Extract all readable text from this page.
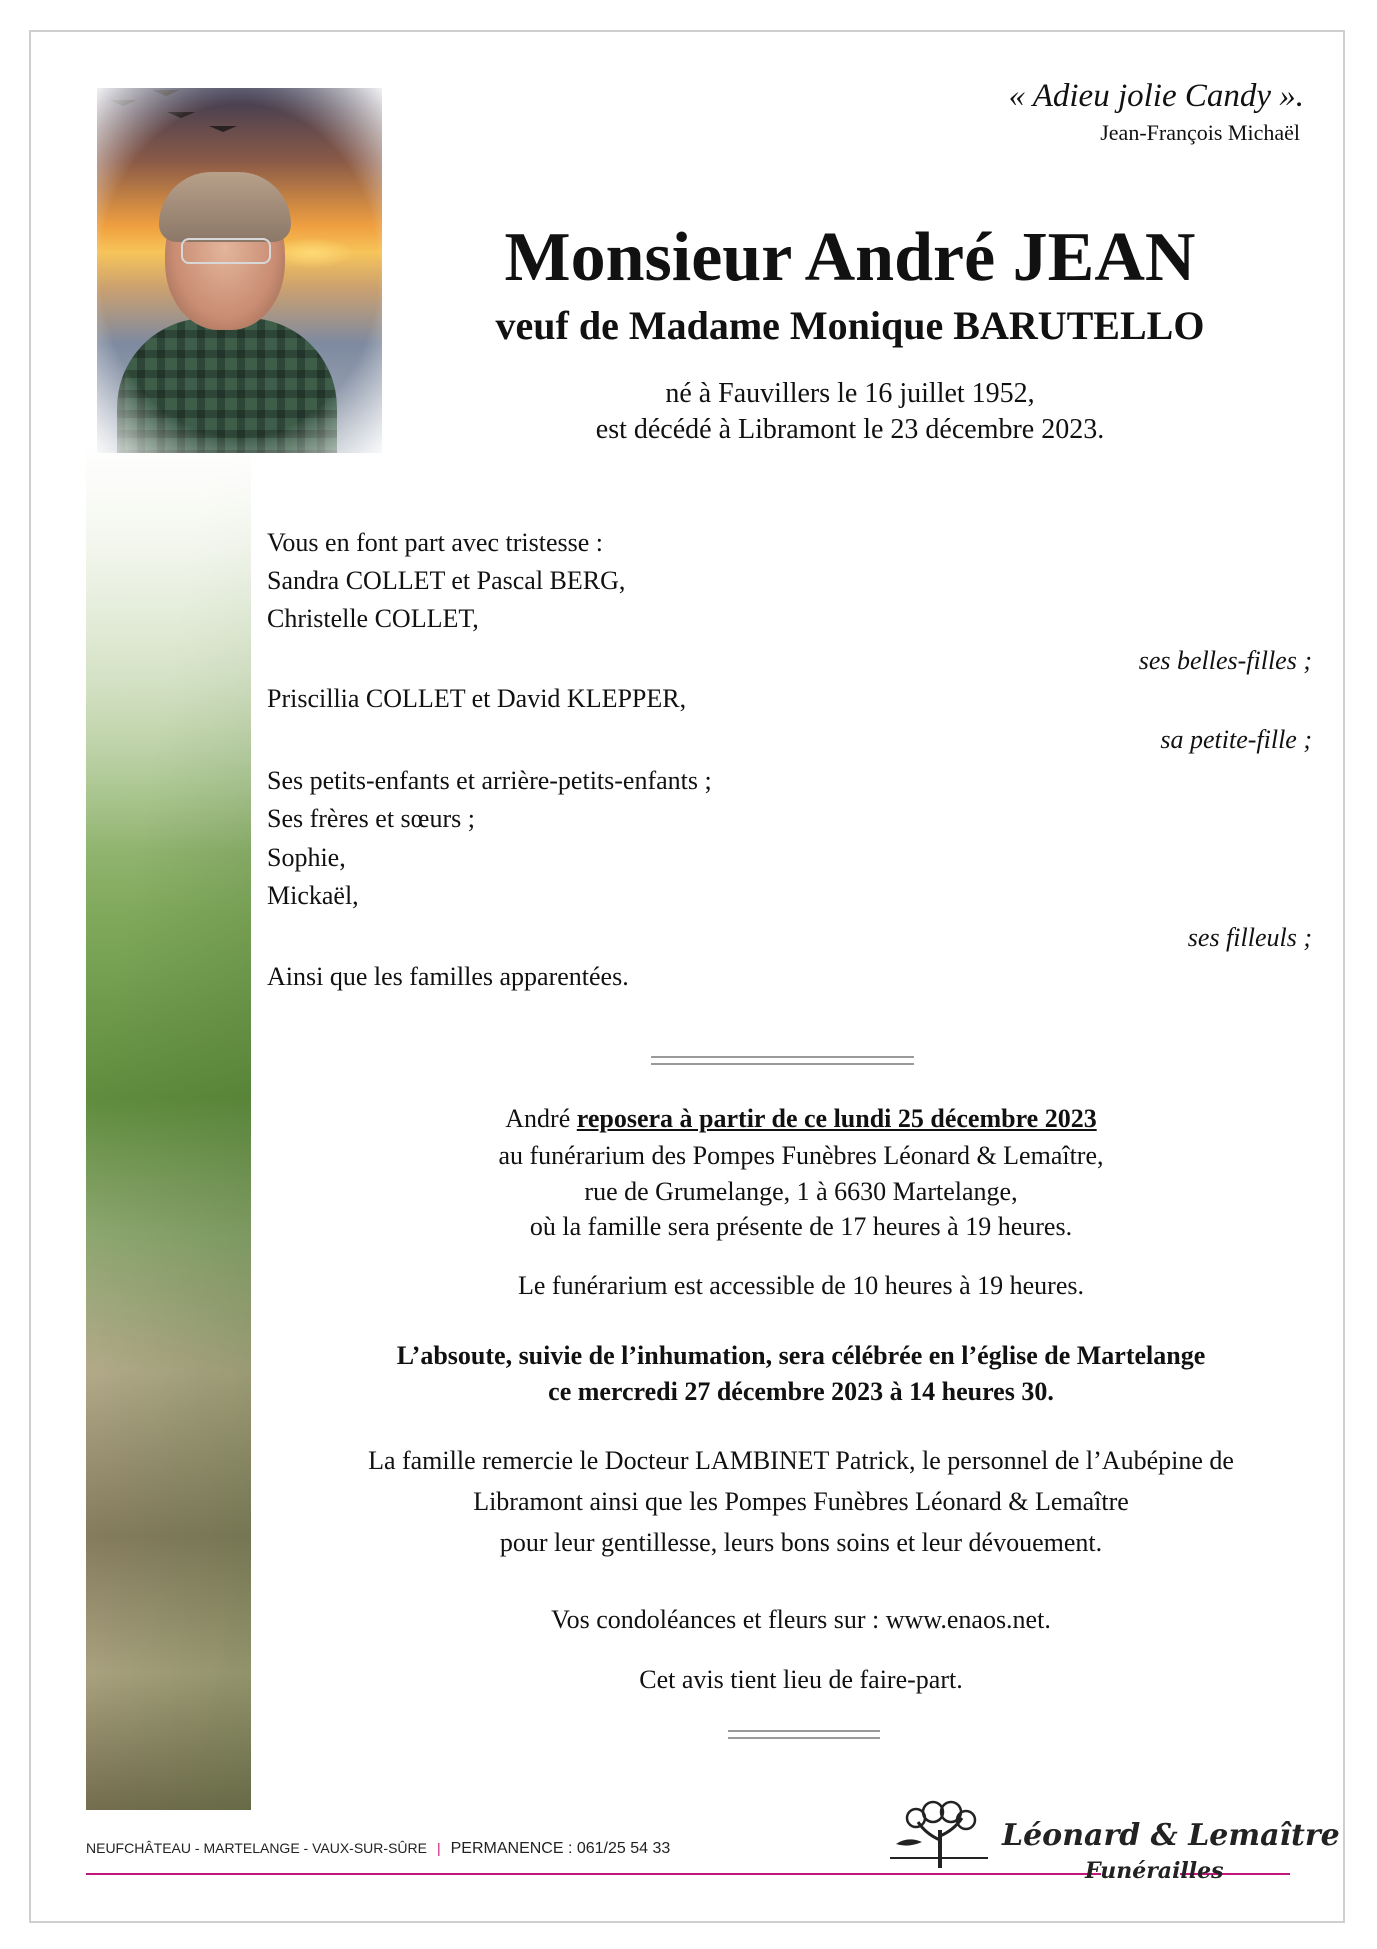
« Adieu jolie Candy ».
Jean-François Michaël
Monsieur André JEAN
veuf de Madame Monique BARUTELLO
né à Fauvillers le 16 juillet 1952,
est décédé à Libramont le 23 décembre 2023.
Vous en font part avec tristesse :
Sandra COLLET et Pascal BERG,
Christelle COLLET,
ses belles-filles ;
Priscillia COLLET et David KLEPPER,
sa petite-fille ;
Ses petits-enfants et arrière-petits-enfants ;
Ses frères et sœurs ;
Sophie,
Mickaël,
ses filleuls ;
Ainsi que les familles apparentées.
André reposera à partir de ce lundi 25 décembre 2023
au funérarium des Pompes Funèbres Léonard & Lemaître,
rue de Grumelange, 1 à 6630 Martelange,
où la famille sera présente de 17 heures à 19 heures.
Le funérarium est accessible de 10 heures à 19 heures.
L’absoute, suivie de l’inhumation, sera célébrée en l’église de Martelange
ce mercredi 27 décembre 2023 à 14 heures 30.
La famille remercie le Docteur LAMBINET Patrick, le personnel de l’Aubépine de
Libramont ainsi que les Pompes Funèbres Léonard & Lemaître
pour leur gentillesse, leurs bons soins et leur dévouement.
Vos condoléances et fleurs sur : www.enaos.net.
Cet avis tient lieu de faire-part.
NEUFCHÂTEAU - MARTELANGE - VAUX-SUR-SÛRE | PERMANENCE : 061/25 54 33	Léonard & Lemaître
Funérailles
